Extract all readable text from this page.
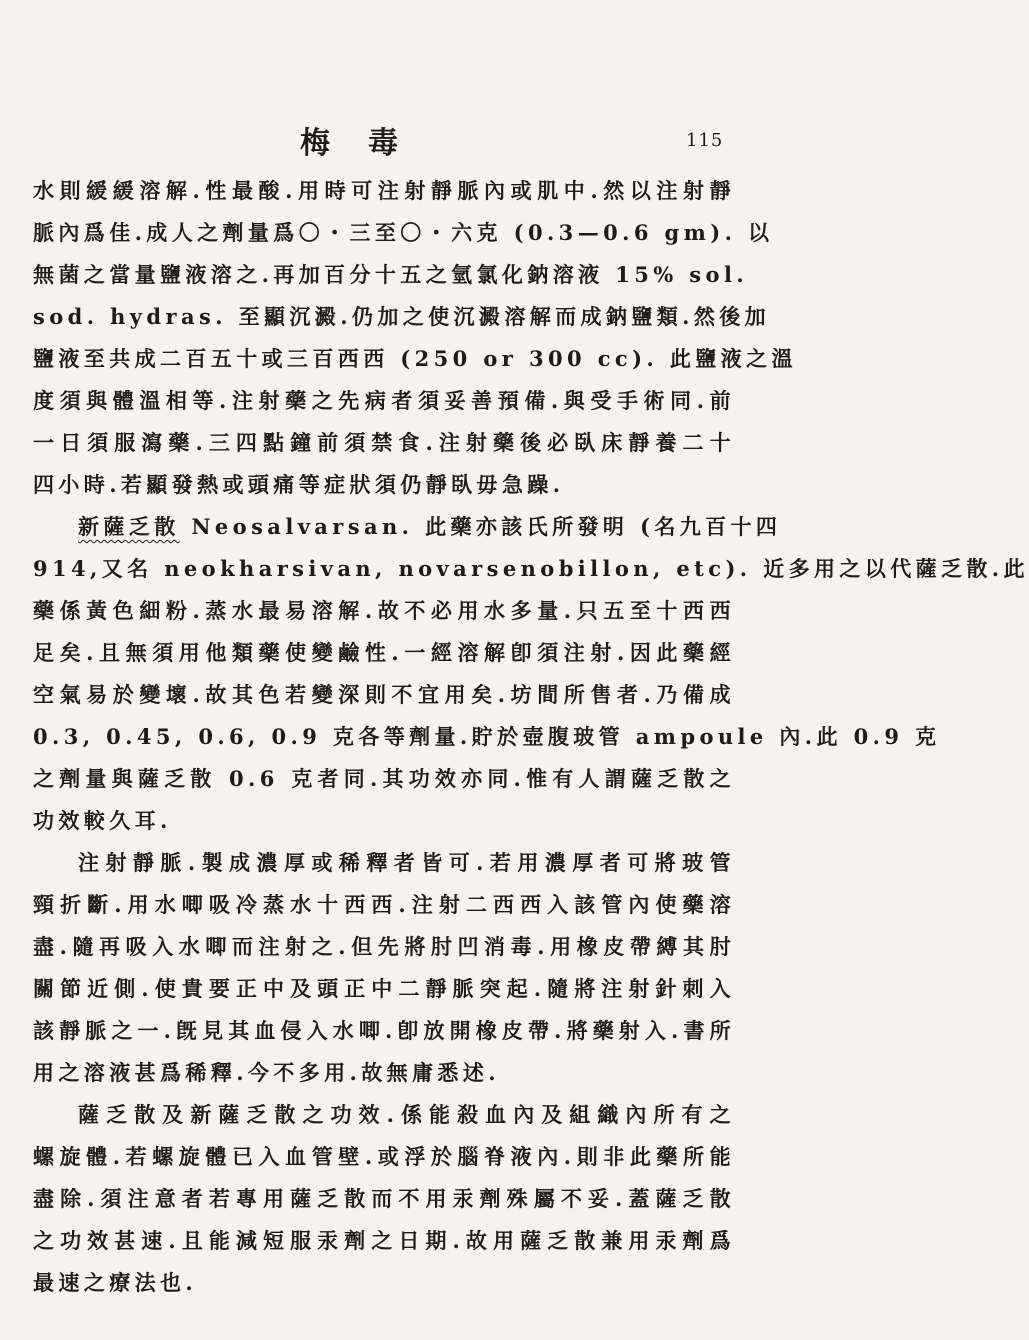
梅毒	115
水則緩緩溶解.性最酸.用時可注射靜脈內或肌中.然以注射靜
脈內爲佳.成人之劑量爲〇・三至〇・六克 (0.3—0.6 gm). 以
無菌之當量鹽液溶之.再加百分十五之氫氯化鈉溶液 15% sol.
sod. hydras. 至顯沉澱.仍加之使沉澱溶解而成鈉鹽類.然後加
鹽液至共成二百五十或三百西西 (250 or 300 cc). 此鹽液之溫
度須與體溫相等.注射藥之先病者須妥善預備.與受手術同.前
一日須服瀉藥.三四點鐘前須禁食.注射藥後必臥床靜養二十
四小時.若顯發熱或頭痛等症狀須仍靜臥毋急躁.
新薩乏散 Neosalvarsan. 此藥亦該氏所發明 (名九百十四
914,又名 neokharsivan, novarsenobillon, etc). 近多用之以代薩乏散.此
藥係黃色細粉.蒸水最易溶解.故不必用水多量.只五至十西西
足矣.且無須用他類藥使變鹼性.一經溶解卽須注射.因此藥經
空氣易於變壞.故其色若變深則不宜用矣.坊間所售者.乃備成
0.3, 0.45, 0.6, 0.9 克各等劑量.貯於壺腹玻管 ampoule 內.此 0.9 克
之劑量與薩乏散 0.6 克者同.其功效亦同.惟有人謂薩乏散之
功效較久耳.
注射靜脈.製成濃厚或稀釋者皆可.若用濃厚者可將玻管
頸折斷.用水唧吸冷蒸水十西西.注射二西西入該管內使藥溶
盡.隨再吸入水唧而注射之.但先將肘凹消毒.用橡皮帶縛其肘
關節近側.使貴要正中及頭正中二靜脈突起.隨將注射針刺入
該靜脈之一.旣見其血侵入水唧.卽放開橡皮帶.將藥射入.書所
用之溶液甚爲稀釋.今不多用.故無庸悉述.
薩乏散及新薩乏散之功效.係能殺血內及組織內所有之
螺旋體.若螺旋體已入血管壁.或浮於腦脊液內.則非此藥所能
盡除.須注意者若專用薩乏散而不用汞劑殊屬不妥.蓋薩乏散
之功效甚速.且能減短服汞劑之日期.故用薩乏散兼用汞劑爲
最速之療法也.
